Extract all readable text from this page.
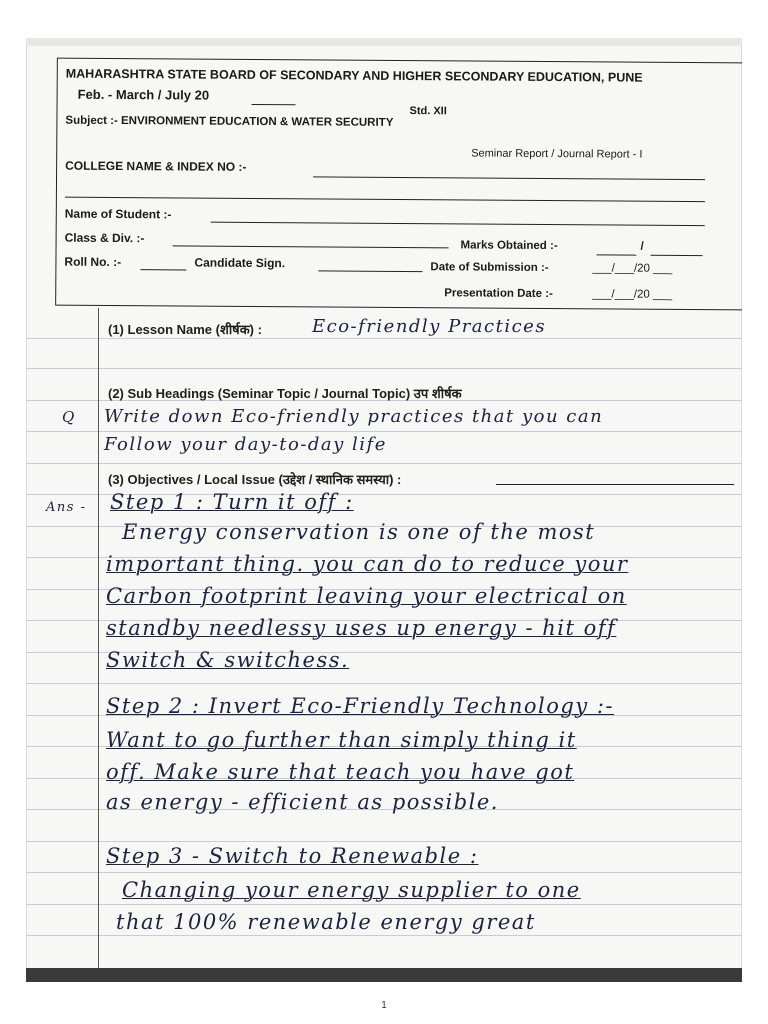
MAHARASHTRA STATE BOARD OF SECONDARY AND HIGHER SECONDARY EDUCATION, PUNE
Feb. - March / July 20
Std. XII
Subject :- ENVIRONMENT EDUCATION & WATER SECURITY
Seminar Report / Journal Report - I
COLLEGE NAME & INDEX NO :-
Name of Student :-
Class & Div. :-
Marks Obtained :-	/
Roll No. :-	Candidate Sign.	Date of Submission :-	___/___/20 ___
Presentation Date :-	___/___/20 ___
(1) Lesson Name (शीर्षक) :	Eco-friendly Practices
(2) Sub Headings (Seminar Topic / Journal Topic) उप शीर्षक
Q Write down Eco-friendly practices that you can
Follow your day-to-day life
(3) Objectives / Local Issue (उद्देश / स्थानिक समस्या) :
Ans - Step 1 : Turn it off :
Energy conservation is one of the most
important thing. you can do to reduce your
Carbon footprint leaving your electrical on
standby needlessy uses up energy - hit off
Switch & switchess.
Step 2 : Invert Eco-Friendly Technology :-
Want to go further than simply thing it
off. Make sure that teach you have got
as energy - efficient as possible.
Step 3 - Switch to Renewable :
Changing your energy supplier to one
that 100% renewable energy great
1
